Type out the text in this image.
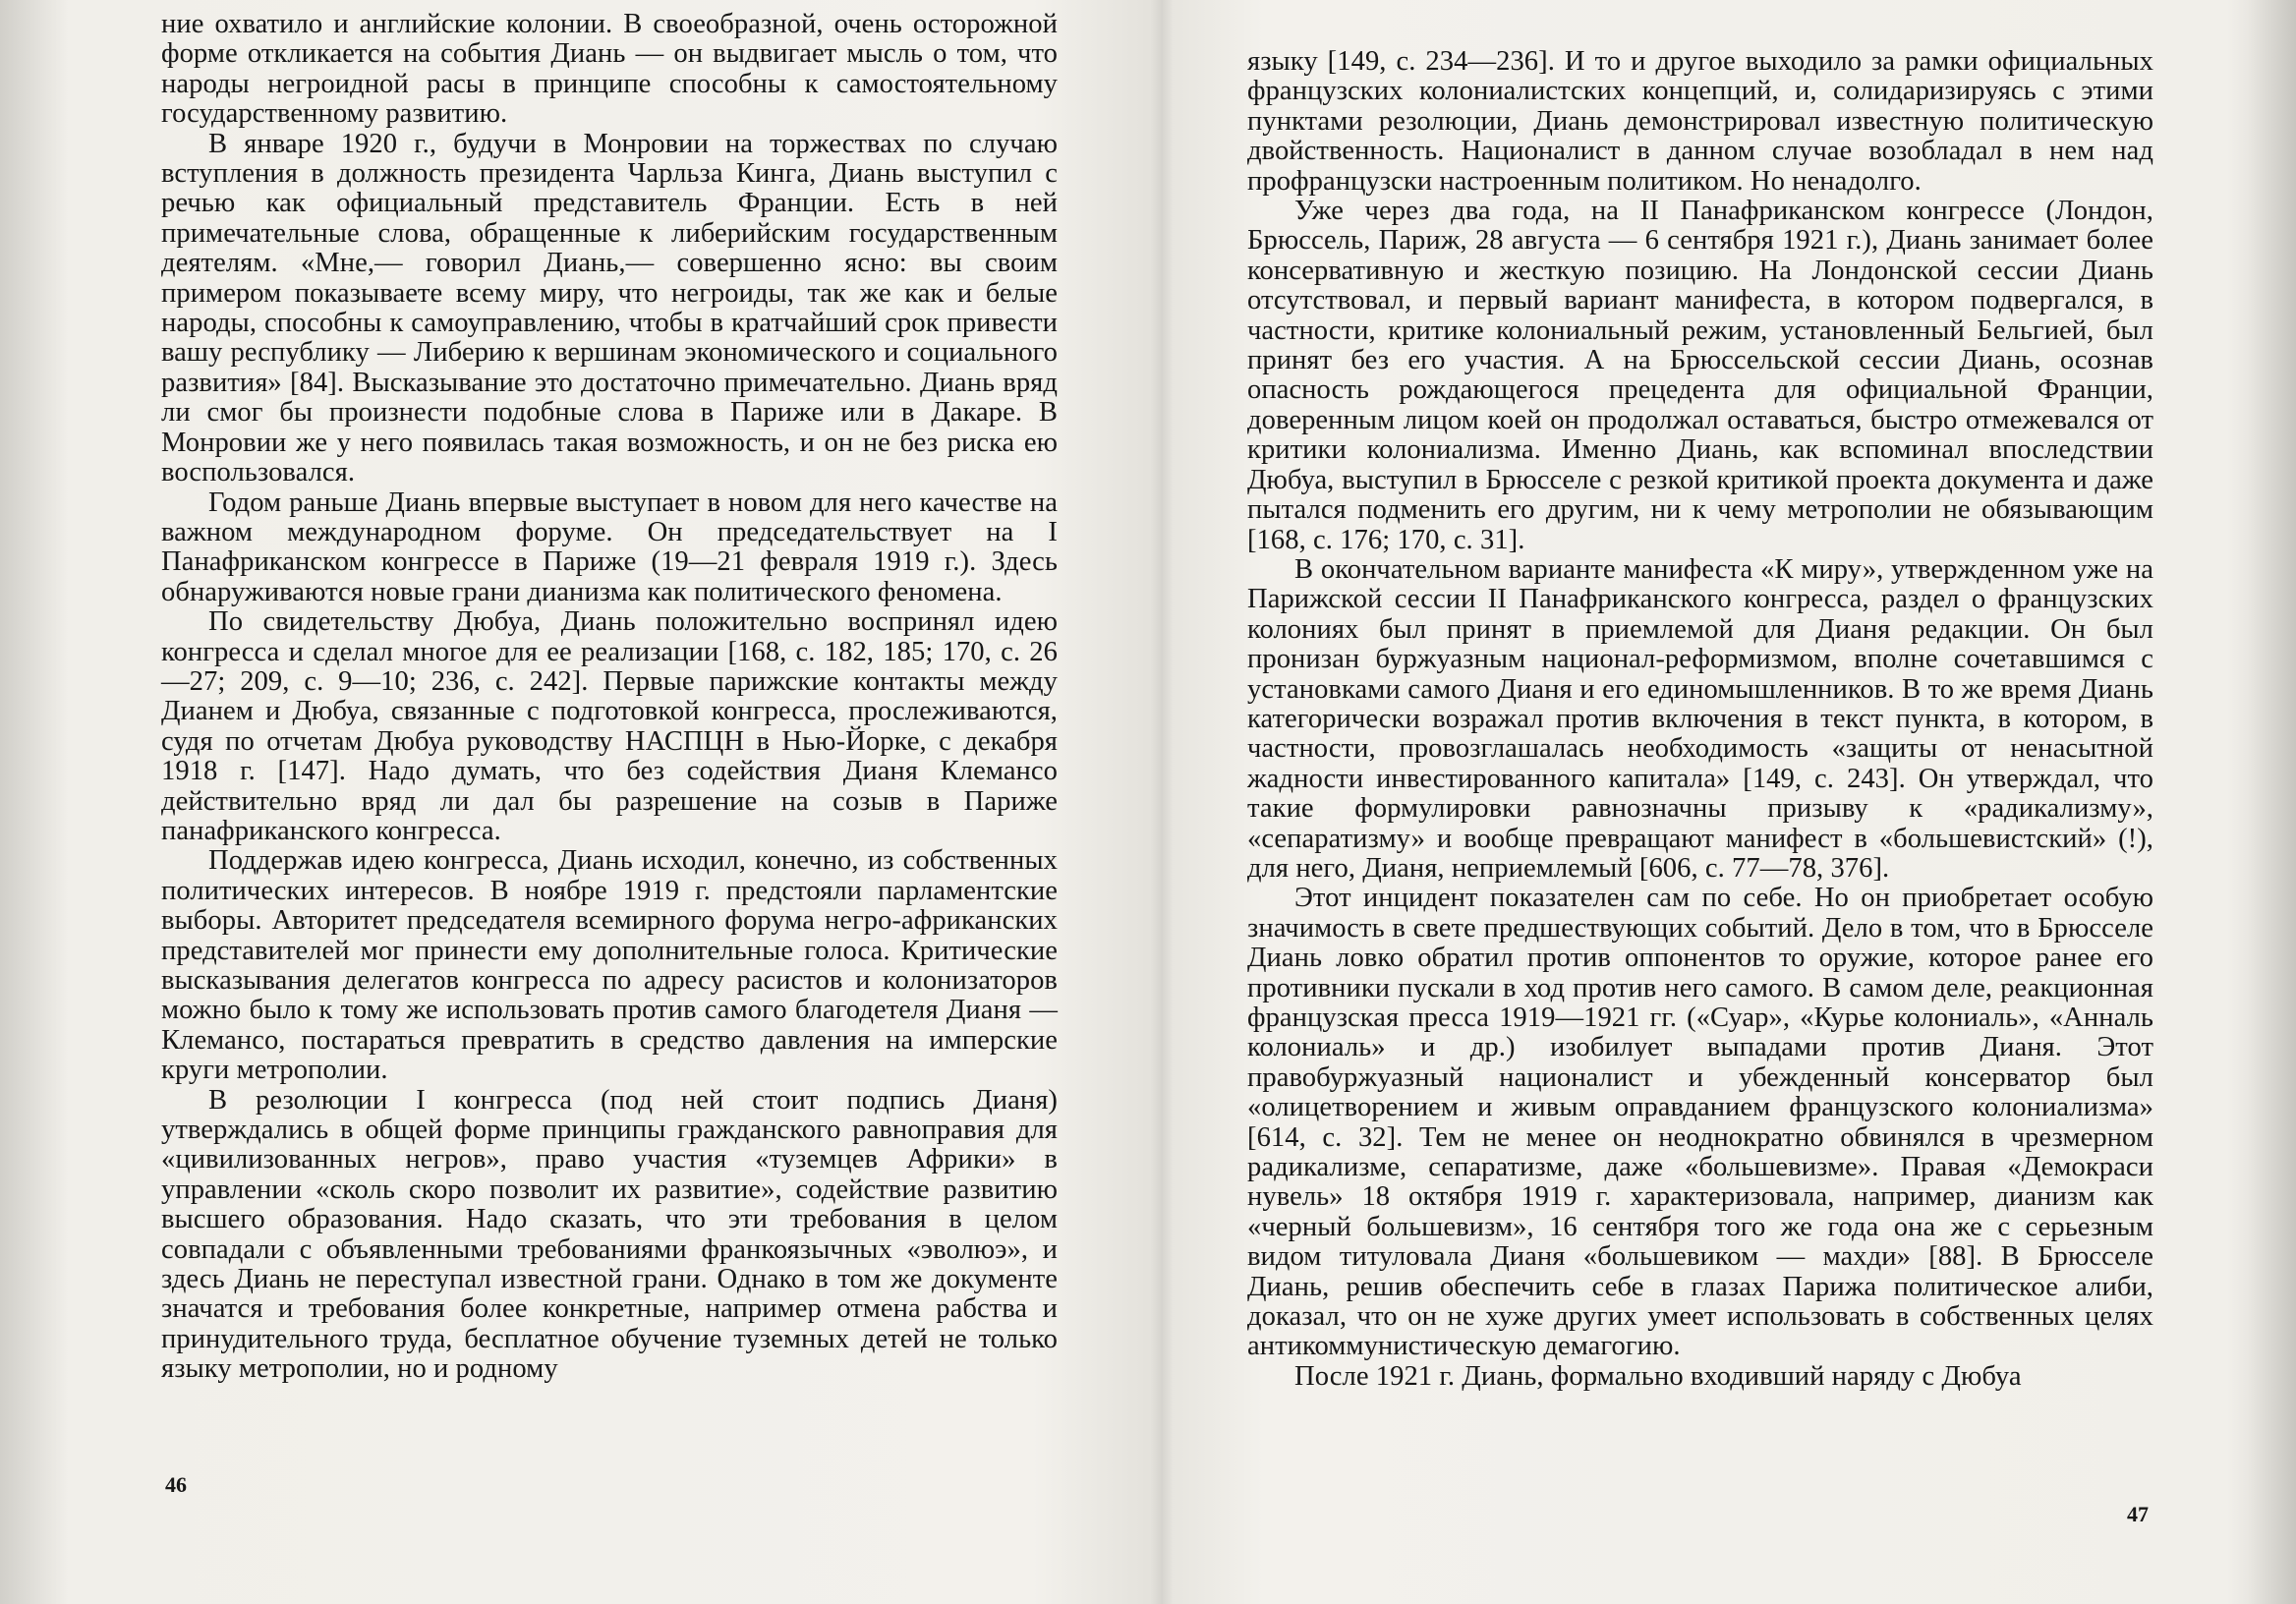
ние охватило и английские колонии. В своеобразной, очень осторожной форме откликается на события Диань — он выдвигает мысль о том, что народы негроидной расы в принципе способны к самостоятельному государственному развитию.

В январе 1920 г., будучи в Монровии на торжествах по случаю вступления в должность президента Чарльза Кинга, Диань выступил с речью как официальный представитель Франции. Есть в ней примечательные слова, обращенные к либерийским государственным деятелям. «Мне,— говорил Диань,— совершенно ясно: вы своим примером показываете всему миру, что негроиды, так же как и белые народы, способны к самоуправлению, чтобы в кратчайший срок привести вашу республику — Либерию к вершинам экономического и социального развития» [84]. Высказывание это достаточно примечательно. Диань вряд ли смог бы произнести подобные слова в Париже или в Дакаре. В Монровии же у него появилась такая возможность, и он не без риска ею воспользовался.

Годом раньше Диань впервые выступает в новом для него качестве на важном международном форуме. Он председательствует на I Панафриканском конгрессе в Париже (19—21 февраля 1919 г.). Здесь обнаруживаются новые грани дианизма как политического феномена.

По свидетельству Дюбуа, Диань положительно воспринял идею конгресса и сделал многое для ее реализации [168, с. 182, 185; 170, с. 26—27; 209, с. 9—10; 236, с. 242]. Первые парижские контакты между Дианем и Дюбуа, связанные с подготовкой конгресса, прослеживаются, судя по отчетам Дюбуа руководству НАСПЦН в Нью-Йорке, с декабря 1918 г. [147]. Надо думать, что без содействия Дианя Клемансо действительно вряд ли дал бы разрешение на созыв в Париже панафриканского конгресса.

Поддержав идею конгресса, Диань исходил, конечно, из собственных политических интересов. В ноябре 1919 г. предстояли парламентские выборы. Авторитет председателя всемирного форума негро-африканских представителей мог принести ему дополнительные голоса. Критические высказывания делегатов конгресса по адресу расистов и колонизаторов можно было к тому же использовать против самого благодетеля Дианя — Клемансо, постараться превратить в средство давления на имперские круги метрополии.

В резолюции I конгресса (под ней стоит подпись Дианя) утверждались в общей форме принципы гражданского равноправия для «цивилизованных негров», право участия «туземцев Африки» в управлении «сколь скоро позволит их развитие», содействие развитию высшего образования. Надо сказать, что эти требования в целом совпадали с объявленными требованиями франкоязычных «эволюэ», и здесь Диань не переступал известной грани. Однако в том же документе значатся и требования более конкретные, например отмена рабства и принудительного труда, бесплатное обучение туземных детей не только языку метрополии, но и родному

46

языку [149, с. 234—236]. И то и другое выходило за рамки официальных французских колониалистских концепций, и, солидаризируясь с этими пунктами резолюции, Диань демонстрировал известную политическую двойственность. Националист в данном случае возобладал в нем над профранцузски настроенным политиком. Но ненадолго.

Уже через два года, на II Панафриканском конгрессе (Лондон, Брюссель, Париж, 28 августа — 6 сентября 1921 г.), Диань занимает более консервативную и жесткую позицию. На Лондонской сессии Диань отсутствовал, и первый вариант манифеста, в котором подвергался, в частности, критике колониальный режим, установленный Бельгией, был принят без его участия. А на Брюссельской сессии Диань, осознав опасность рождающегося прецедента для официальной Франции, доверенным лицом коей он продолжал оставаться, быстро отмежевался от критики колониализма. Именно Диань, как вспоминал впоследствии Дюбуа, выступил в Брюсселе с резкой критикой проекта документа и даже пытался подменить его другим, ни к чему метрополии не обязывающим [168, с. 176; 170, с. 31].

В окончательном варианте манифеста «К миру», утвержденном уже на Парижской сессии II Панафриканского конгресса, раздел о французских колониях был принят в приемлемой для Дианя редакции. Он был пронизан буржуазным национал-реформизмом, вполне сочетавшимся с установками самого Дианя и его единомышленников. В то же время Диань категорически возражал против включения в текст пункта, в котором, в частности, провозглашалась необходимость «защиты от ненасытной жадности инвестированного капитала» [149, с. 243]. Он утверждал, что такие формулировки равнозначны призыву к «радикализму», «сепаратизму» и вообще превращают манифест в «большевистский» (!), для него, Дианя, неприемлемый [606, с. 77—78, 376].

Этот инцидент показателен сам по себе. Но он приобретает особую значимость в свете предшествующих событий. Дело в том, что в Брюсселе Диань ловко обратил против оппонентов то оружие, которое ранее его противники пускали в ход против него самого. В самом деле, реакционная французская пресса 1919—1921 гг. («Суар», «Курье колониаль», «Анналь колониаль» и др.) изобилует выпадами против Дианя. Этот правобуржуазный националист и убежденный консерватор был «олицетворением и живым оправданием французского колониализма» [614, с. 32]. Тем не менее он неоднократно обвинялся в чрезмерном радикализме, сепаратизме, даже «большевизме». Правая «Демокраси нувель» 18 октября 1919 г. характеризовала, например, дианизм как «черный большевизм», 16 сентября того же года она же с серьезным видом титуловала Дианя «большевиком — махди» [88]. В Брюсселе Диань, решив обеспечить себе в глазах Парижа политическое алиби, доказал, что он не хуже других умеет использовать в собственных целях антикоммунистическую демагогию.

После 1921 г. Диань, формально входивший наряду с Дюбуа

47
